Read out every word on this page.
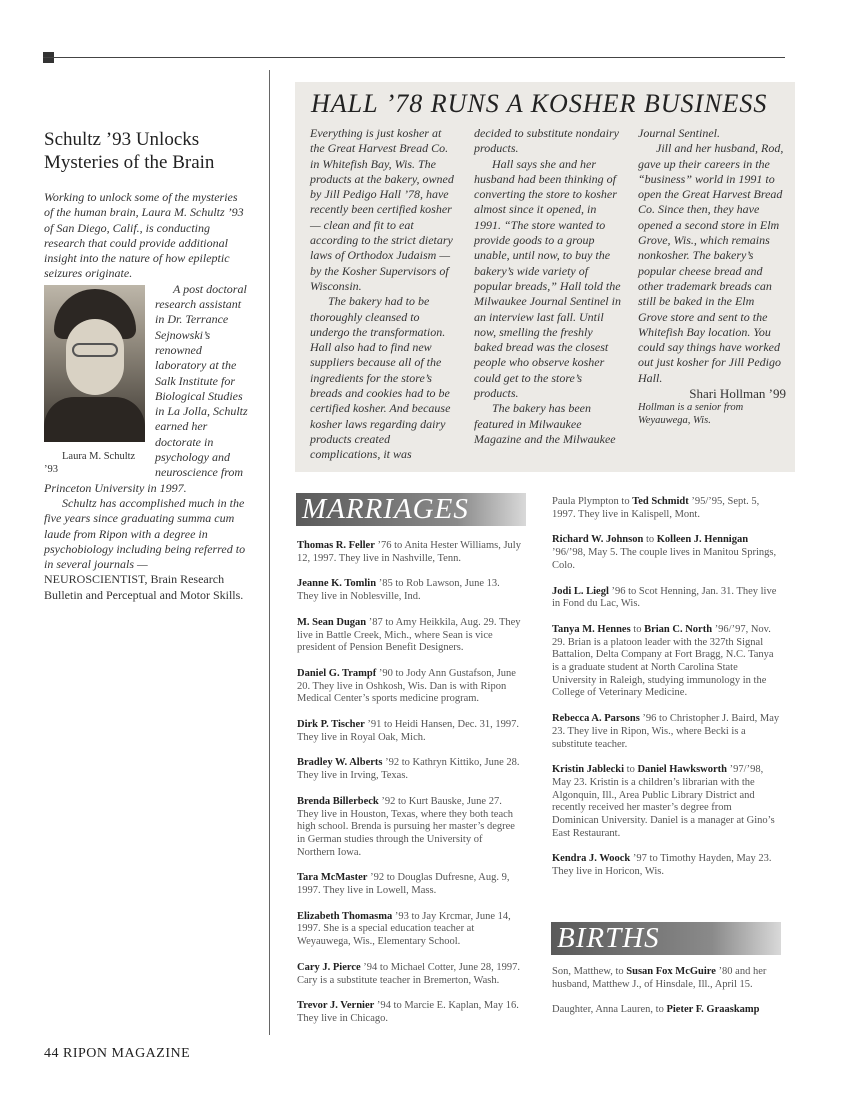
Schultz ’93 Unlocks Mysteries of the Brain

Working to unlock some of the mysteries of the human brain, Laura M. Schultz ’93 of San Diego, Calif., is conducting research that could provide additional insight into the nature of how epileptic seizures originate.

Laura M. Schultz ’93
A post doctoral research assistant in Dr. Terrance Sejnowski’s renowned laboratory at the Salk Institute for Biological Studies in La Jolla, Schultz earned her doctorate in psychology and neuroscience from Princeton University in 1997.

Schultz has accomplished much in the five years since graduating summa cum laude from Ripon with a degree in psychobiology including being referred to in several journals — NEUROSCIENTIST, Brain Research Bulletin and Perceptual and Motor Skills.

HALL ’78 RUNS A KOSHER BUSINESS

Everything is just kosher at the Great Harvest Bread Co. in Whitefish Bay, Wis. The products at the bakery, owned by Jill Pedigo Hall ’78, have recently been certified kosher — clean and fit to eat according to the strict dietary laws of Orthodox Judaism — by the Kosher Supervisors of Wisconsin.

The bakery had to be thoroughly cleansed to undergo the transformation. Hall also had to find new suppliers because all of the ingredients for the store’s breads and cookies had to be certified kosher. And because kosher laws regarding dairy products created complications, it was

decided to substitute nondairy products.

Hall says she and her husband had been thinking of converting the store to kosher almost since it opened, in 1991. “The store wanted to provide goods to a group unable, until now, to buy the bakery’s wide variety of popular breads,” Hall told the Milwaukee Journal Sentinel in an interview last fall. Until now, smelling the freshly baked bread was the closest people who observe kosher could get to the store’s products.

The bakery has been featured in Milwaukee Magazine and the Milwaukee

Journal Sentinel.

Jill and her husband, Rod, gave up their careers in the “business” world in 1991 to open the Great Harvest Bread Co. Since then, they have opened a second store in Elm Grove, Wis., which remains nonkosher. The bakery’s popular cheese bread and other trademark breads can still be baked in the Elm Grove store and sent to the Whitefish Bay location. You could say things have worked out just kosher for Jill Pedigo Hall.

Shari Hollman ’99

Hollman is a senior from Weyauwega, Wis.

MARRIAGES

Thomas R. Feller ’76 to Anita Hester Williams, July 12, 1997. They live in Nashville, Tenn.

Jeanne K. Tomlin ’85 to Rob Lawson, June 13. They live in Noblesville, Ind.

M. Sean Dugan ’87 to Amy Heikkila, Aug. 29. They live in Battle Creek, Mich., where Sean is vice president of Pension Benefit Designers.

Daniel G. Trampf ’90 to Jody Ann Gustafson, June 20. They live in Oshkosh, Wis. Dan is with Ripon Medical Center’s sports medicine program.

Dirk P. Tischer ’91 to Heidi Hansen, Dec. 31, 1997. They live in Royal Oak, Mich.

Bradley W. Alberts ’92 to Kathryn Kittiko, June 28. They live in Irving, Texas.

Brenda Billerbeck ’92 to Kurt Bauske, June 27. They live in Houston, Texas, where they both teach high school. Brenda is pursuing her master’s degree in German studies through the University of Northern Iowa.

Tara McMaster ’92 to Douglas Dufresne, Aug. 9, 1997. They live in Lowell, Mass.

Elizabeth Thomasma ’93 to Jay Krcmar, June 14, 1997. She is a special education teacher at Weyauwega, Wis., Elementary School.

Cary J. Pierce ’94 to Michael Cotter, June 28, 1997. Cary is a substitute teacher in Bremerton, Wash.

Trevor J. Vernier ’94 to Marcie E. Kaplan, May 16. They live in Chicago.

Paula Plympton to Ted Schmidt ’95/’95, Sept. 5, 1997. They live in Kalispell, Mont.

Richard W. Johnson to Kolleen J. Hennigan ’96/’98, May 5. The couple lives in Manitou Springs, Colo.

Jodi L. Liegl ’96 to Scot Henning, Jan. 31. They live in Fond du Lac, Wis.

Tanya M. Hennes to Brian C. North ’96/’97, Nov. 29. Brian is a platoon leader with the 327th Signal Battalion, Delta Company at Fort Bragg, N.C. Tanya is a graduate student at North Carolina State University in Raleigh, studying immunology in the College of Veterinary Medicine.

Rebecca A. Parsons ’96 to Christopher J. Baird, May 23. They live in Ripon, Wis., where Becki is a substitute teacher.

Kristin Jablecki to Daniel Hawksworth ’97/’98, May 23. Kristin is a children’s librarian with the Algonquin, Ill., Area Public Library District and recently received her master’s degree from Dominican University. Daniel is a manager at Gino’s East Restaurant.

Kendra J. Woock ’97 to Timothy Hayden, May 23. They live in Horicon, Wis.

BIRTHS

Son, Matthew, to Susan Fox McGuire ’80 and her husband, Matthew J., of Hinsdale, Ill., April 15.

Daughter, Anna Lauren, to Pieter F. Graaskamp

44 RIPON MAGAZINE
